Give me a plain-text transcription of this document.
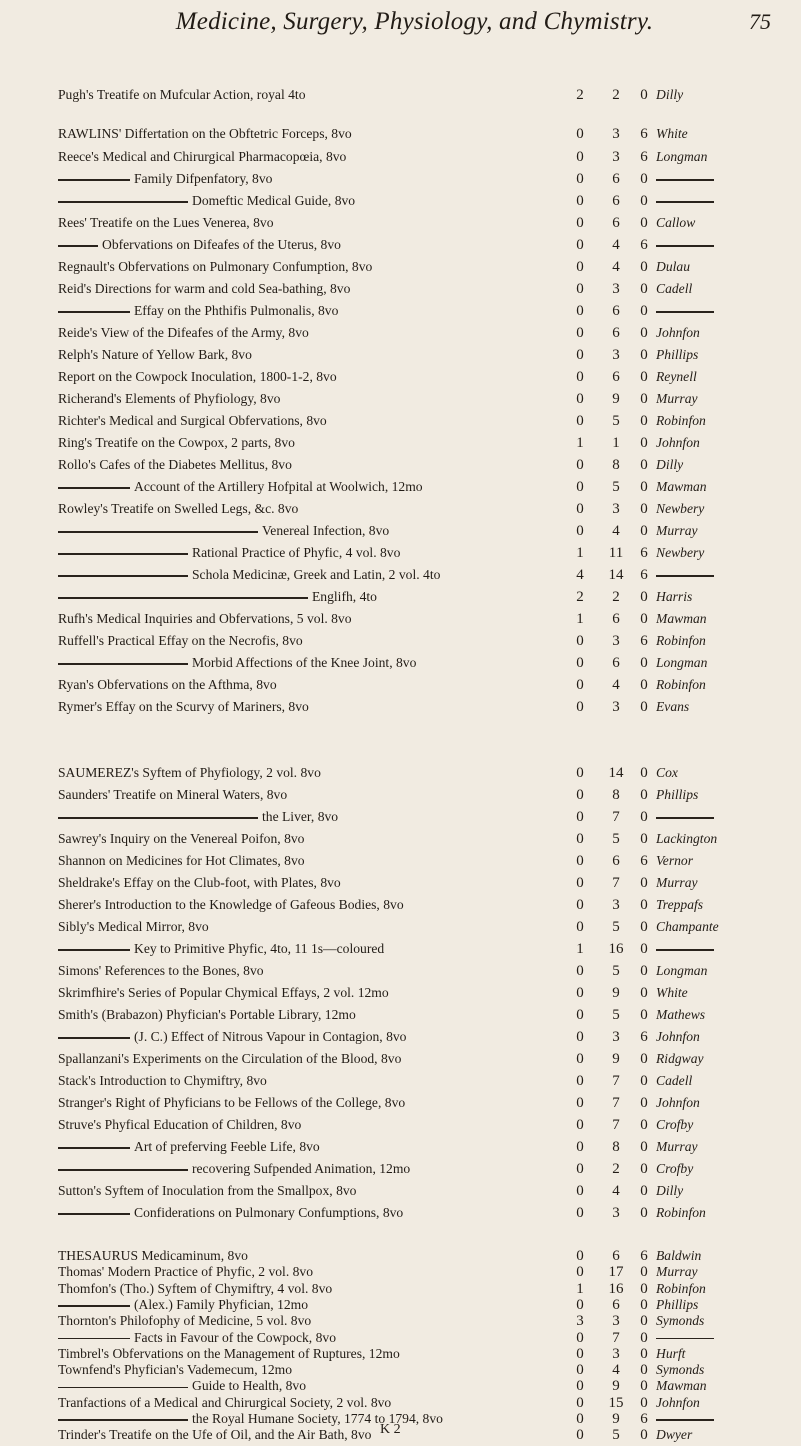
Medicine, Surgery, Physiology, and Chymistry.	75
Pugh's Treatife on Mufcular Action, royal 4to	2	2	0 Dilly
RAWLINS' Differtation on the Obftetric Forceps, 8vo	0	3	6 White
Reece's Medical and Chirurgical Pharmacopœia, 8vo	0	3	6 Longman
Family Difpenfatory, 8vo	0	6	0
Domeftic Medical Guide, 8vo	0	6	0
Rees' Treatife on the Lues Venerea, 8vo	0	6	0 Callow
Obfervations on Difeafes of the Uterus, 8vo	0	4	6
Regnault's Obfervations on Pulmonary Confumption, 8vo	0	4	0 Dulau
Reid's Directions for warm and cold Sea-bathing, 8vo	0	3	0 Cadell
Effay on the Phthifis Pulmonalis, 8vo	0	6	0
Reide's View of the Difeafes of the Army, 8vo	0	6	0 Johnfon
Relph's Nature of Yellow Bark, 8vo	0	3	0 Phillips
Report on the Cowpock Inoculation, 1800-1-2, 8vo	0	6	0 Reynell
Richerand's Elements of Phyfiology, 8vo	0	9	0 Murray
Richter's Medical and Surgical Obfervations, 8vo	0	5	0 Robinfon
Ring's Treatife on the Cowpox, 2 parts, 8vo	1	1	0 Johnfon
Rollo's Cafes of the Diabetes Mellitus, 8vo	0	8	0 Dilly
Account of the Artillery Hofpital at Woolwich, 12mo	0	5	0 Mawman
Rowley's Treatife on Swelled Legs, &c. 8vo	0	3	0 Newbery
Venereal Infection, 8vo	0	4	0 Murray
Rational Practice of Phyfic, 4 vol. 8vo	1	11	6 Newbery
Schola Medicinæ, Greek and Latin, 2 vol. 4to	4	14	6
Englifh, 4to	2	2	0 Harris
Rufh's Medical Inquiries and Obfervations, 5 vol. 8vo	1	6	0 Mawman
Ruffell's Practical Effay on the Necrofis, 8vo	0	3	6 Robinfon
Morbid Affections of the Knee Joint, 8vo	0	6	0 Longman
Ryan's Obfervations on the Afthma, 8vo	0	4	0 Robinfon
Rymer's Effay on the Scurvy of Mariners, 8vo	0	3	0 Evans
SAUMEREZ's Syftem of Phyfiology, 2 vol. 8vo	0	14	0 Cox
Saunders' Treatife on Mineral Waters, 8vo	0	8	0 Phillips
the Liver, 8vo	0	7	0
Sawrey's Inquiry on the Venereal Poifon, 8vo	0	5	0 Lackington
Shannon on Medicines for Hot Climates, 8vo	0	6	6 Vernor
Sheldrake's Effay on the Club-foot, with Plates, 8vo	0	7	0 Murray
Sherer's Introduction to the Knowledge of Gafeous Bodies, 8vo	0	3	0 Treppafs
Sibly's Medical Mirror, 8vo	0	5	0 Champante
Key to Primitive Phyfic, 4to, 11 1s—coloured	1	16	0
Simons' References to the Bones, 8vo	0	5	0 Longman
Skrimfhire's Series of Popular Chymical Effays, 2 vol. 12mo	0	9	0 White
Smith's (Brabazon) Phyfician's Portable Library, 12mo	0	5	0 Mathews
(J. C.) Effect of Nitrous Vapour in Contagion, 8vo	0	3	6 Johnfon
Spallanzani's Experiments on the Circulation of the Blood, 8vo	0	9	0 Ridgway
Stack's Introduction to Chymiftry, 8vo	0	7	0 Cadell
Stranger's Right of Phyficians to be Fellows of the College, 8vo	0	7	0 Johnfon
Struve's Phyfical Education of Children, 8vo	0	7	0 Crofby
Art of preferving Feeble Life, 8vo	0	8	0 Murray
recovering Sufpended Animation, 12mo	0	2	0 Crofby
Sutton's Syftem of Inoculation from the Smallpox, 8vo	0	4	0 Dilly
Confiderations on Pulmonary Confumptions, 8vo	0	3	0 Robinfon
THESAURUS Medicaminum, 8vo	0	6	6 Baldwin
Thomas' Modern Practice of Phyfic, 2 vol. 8vo	0	17	0 Murray
Thomfon's (Tho.) Syftem of Chymiftry, 4 vol. 8vo	1	16	0 Robinfon
(Alex.) Family Phyfician, 12mo	0	6	0 Phillips
Thornton's Philofophy of Medicine, 5 vol. 8vo	3	3	0 Symonds
Facts in Favour of the Cowpock, 8vo	0	7	0
Timbrel's Obfervations on the Management of Ruptures, 12mo	0	3	0 Hurft
Townfend's Phyfician's Vademecum, 12mo	0	4	0 Symonds
Guide to Health, 8vo	0	9	0 Mawman
Tranfactions of a Medical and Chirurgical Society, 2 vol. 8vo	0	15	0 Johnfon
the Royal Humane Society, 1774 to 1794, 8vo	0	9	6
Trinder's Treatife on the Ufe of Oil, and the Air Bath, 8vo	0	5	0 Dwyer
K 2
